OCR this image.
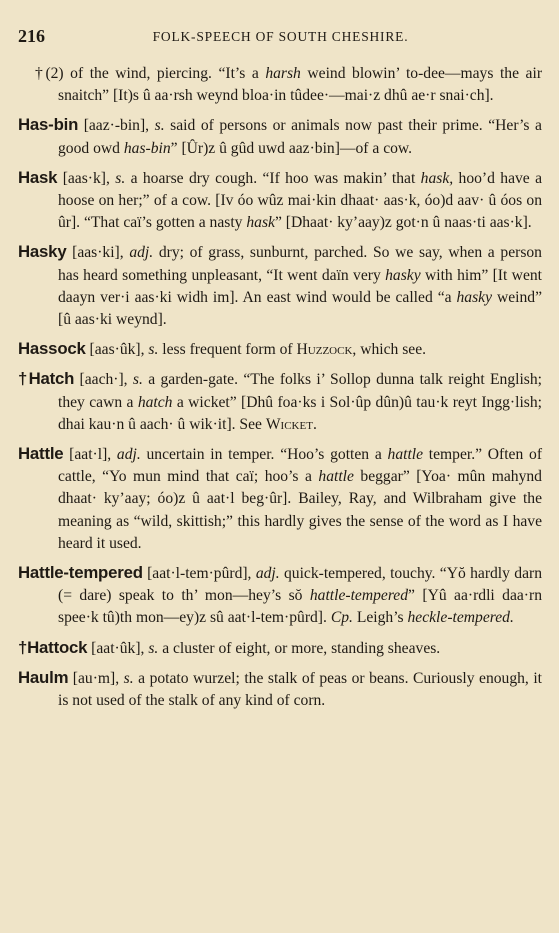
216	FOLK-SPEECH OF SOUTH CHESHIRE.
†(2) of the wind, piercing. “It’s a harsh weind blowin’ to-dee—mays the air snaitch” [It)s û aa·rsh weynd bloa·in tûdee·—mai·z dhû ae·r snai·ch].
Has-bin [aaz·-bin], s. said of persons or animals now past their prime. “Her’s a good owd has-bin” [Ûr)z û gûd uwd aaz·bin]—of a cow.
Hask [aas·k], s. a hoarse dry cough. “If hoo was makin’ that hask, hoo’d have a hoose on her;” of a cow. [Iv óo wûz mai·kin dhaat· aas·k, óo)d aav· û óos on ûr]. “That caï’s gotten a nasty hask” [Dhaat· ky’aay)z got·n û naas·ti aas·k].
Hasky [aas·ki], adj. dry; of grass, sunburnt, parched. So we say, when a person has heard something unpleasant, “It went daïn very hasky with him” [It went daayn ver·i aas·ki widh im]. An east wind would be called “a hasky weind” [û aas·ki weynd].
Hassock [aas·ûk], s. less frequent form of Huzzock, which see.
†Hatch [aach·], s. a garden-gate. “The folks i’ Sollop dunna talk reight English; they cawn a hatch a wicket” [Dhû foa·ks i Sol·ûp dûn)û tau·k reyt Ingg·lish; dhai kau·n û aach· û wik·it]. See Wicket.
Hattle [aat·l], adj. uncertain in temper. “Hoo’s gotten a hattle temper.” Often of cattle, “Yo mun mind that caï; hoo’s a hattle beggar” [Yoa· mûn mahynd dhaat· ky’aay; óo)z û aat·l beg·ûr]. Bailey, Ray, and Wilbraham give the meaning as “wild, skittish;” this hardly gives the sense of the word as I have heard it used.
Hattle-tempered [aat·l-tem·pûrd], adj. quick-tempered, touchy. “Yŏ hardly darn (= dare) speak to th’ mon—hey’s sŏ hattle-tempered” [Yû aa·rdli daa·rn spee·k tû)th mon—ey)z sû aat·l-tem·pûrd]. Cp. Leigh’s heckle-tempered.
†Hattock [aat·ûk], s. a cluster of eight, or more, standing sheaves.
Haulm [au·m], s. a potato wurzel; the stalk of peas or beans. Curiously enough, it is not used of the stalk of any kind of corn.
